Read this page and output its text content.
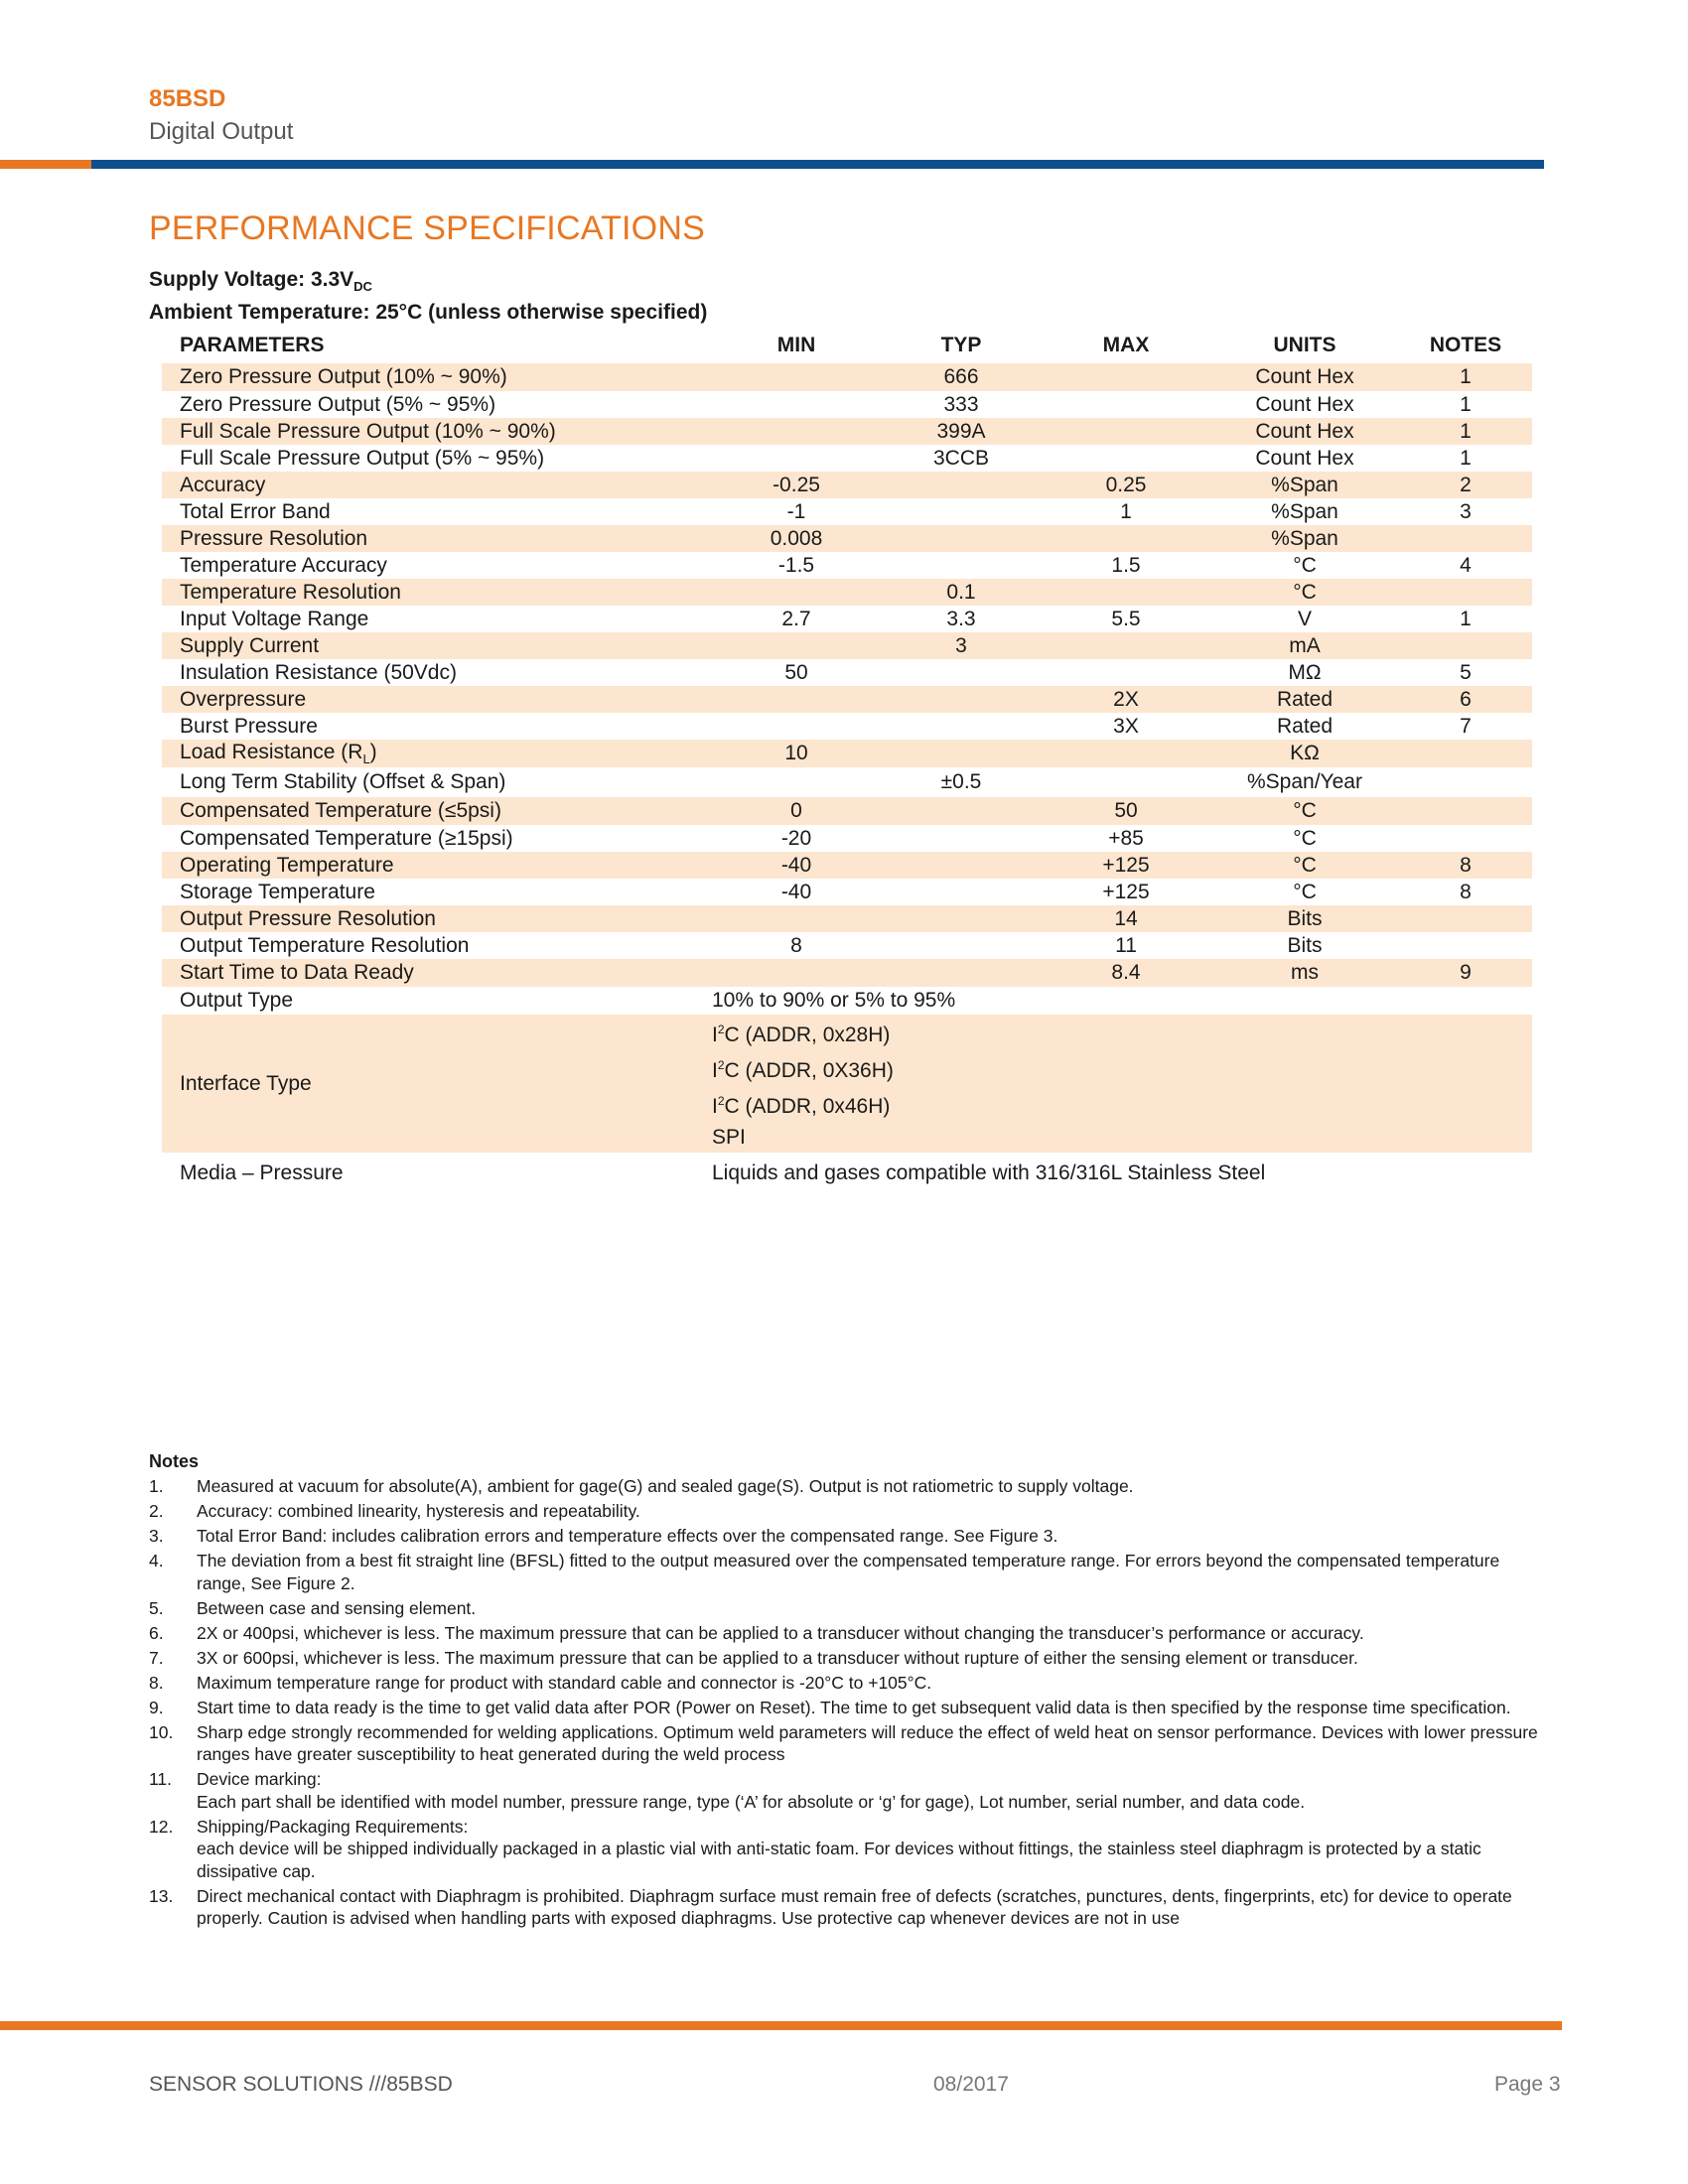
85BSD
Digital Output
PERFORMANCE SPECIFICATIONS
Supply Voltage: $3.3V_{DC}$
Ambient Temperature: 25°C (unless otherwise specified)
PARAMETERS	MIN	TYP	MAX	UNITS	NOTES
Zero Pressure Output (10% ~ 90%)		666		Count Hex	1
Zero Pressure Output (5% ~ 95%)		333		Count Hex	1
Full Scale Pressure Output (10% ~ 90%)		399A		Count Hex	1
Full Scale Pressure Output (5% ~ 95%)		3CCB		Count Hex	1
Accuracy	-0.25		0.25	%Span	2
Total Error Band	-1		1	%Span	3
Pressure Resolution	0.008			%Span	
Temperature Accuracy	-1.5		1.5	°C	4
Temperature Resolution		0.1		°C	
Input Voltage Range	2.7	3.3	5.5	V	1
Supply Current		3		mA	
Insulation Resistance (50Vdc)	50			MΩ	5
Overpressure			2X	Rated	6
Burst Pressure			3X	Rated	7
Load Resistance $(R_L)$	10			KΩ	
Long Term Stability (Offset & Span)		±0.5		%Span/Year	
Compensated Temperature (≤5psi)	0		50	°C	
Compensated Temperature (≥15psi)	-20		+85	°C	
Operating Temperature	-40		+125	°C	8
Storage Temperature	-40		+125	°C	8
Output Pressure Resolution			14	Bits	
Output Temperature Resolution	8		11	Bits	
Start Time to Data Ready			8.4	ms	9
Output Type	10% to 90% or 5% to 95%				
Interface Type	$I^2C$ (ADDR, 0x28H)
$I^2C$ (ADDR, 0X36H)
$I^2C$ (ADDR, 0x46H)
SPI				

Media – Pressure	Liquids and gases compatible with 316/316L Stainless Steel				
Notes
1.	Measured at vacuum for absolute(A), ambient for gage(G) and sealed gage(S). Output is not ratiometric to supply voltage.
2.	Accuracy: combined linearity, hysteresis and repeatability.
3.	Total Error Band: includes calibration errors and temperature effects over the compensated range. See Figure 3.
4.	The deviation from a best fit straight line (BFSL) fitted to the output measured over the compensated temperature range. For errors beyond the compensated temperature range, See Figure 2.
5.	Between case and sensing element.
6.	2X or 400psi, whichever is less. The maximum pressure that can be applied to a transducer without changing the transducer’s performance or accuracy.
7.	3X or 600psi, whichever is less. The maximum pressure that can be applied to a transducer without rupture of either the sensing element or transducer.
8.	Maximum temperature range for product with standard cable and connector is -20°C to +105°C.
9.	Start time to data ready is the time to get valid data after POR (Power on Reset). The time to get subsequent valid data is then specified by the response time specification.
10.	Sharp edge strongly recommended for welding applications. Optimum weld parameters will reduce the effect of weld heat on sensor performance. Devices with lower pressure ranges have greater susceptibility to heat generated during the weld process
11.	Device marking:
Each part shall be identified with model number, pressure range, type (‘A’ for absolute or ‘g’ for gage), Lot number, serial number, and data code.
12.	Shipping/Packaging Requirements:
each device will be shipped individually packaged in a plastic vial with anti-static foam. For devices without fittings, the stainless steel diaphragm is protected by a static dissipative cap.
13.	Direct mechanical contact with Diaphragm is prohibited. Diaphragm surface must remain free of defects (scratches, punctures, dents, fingerprints, etc) for device to operate properly. Caution is advised when handling parts with exposed diaphragms. Use protective cap whenever devices are not in use
SENSOR SOLUTIONS ///85BSD	08/2017	Page 3
